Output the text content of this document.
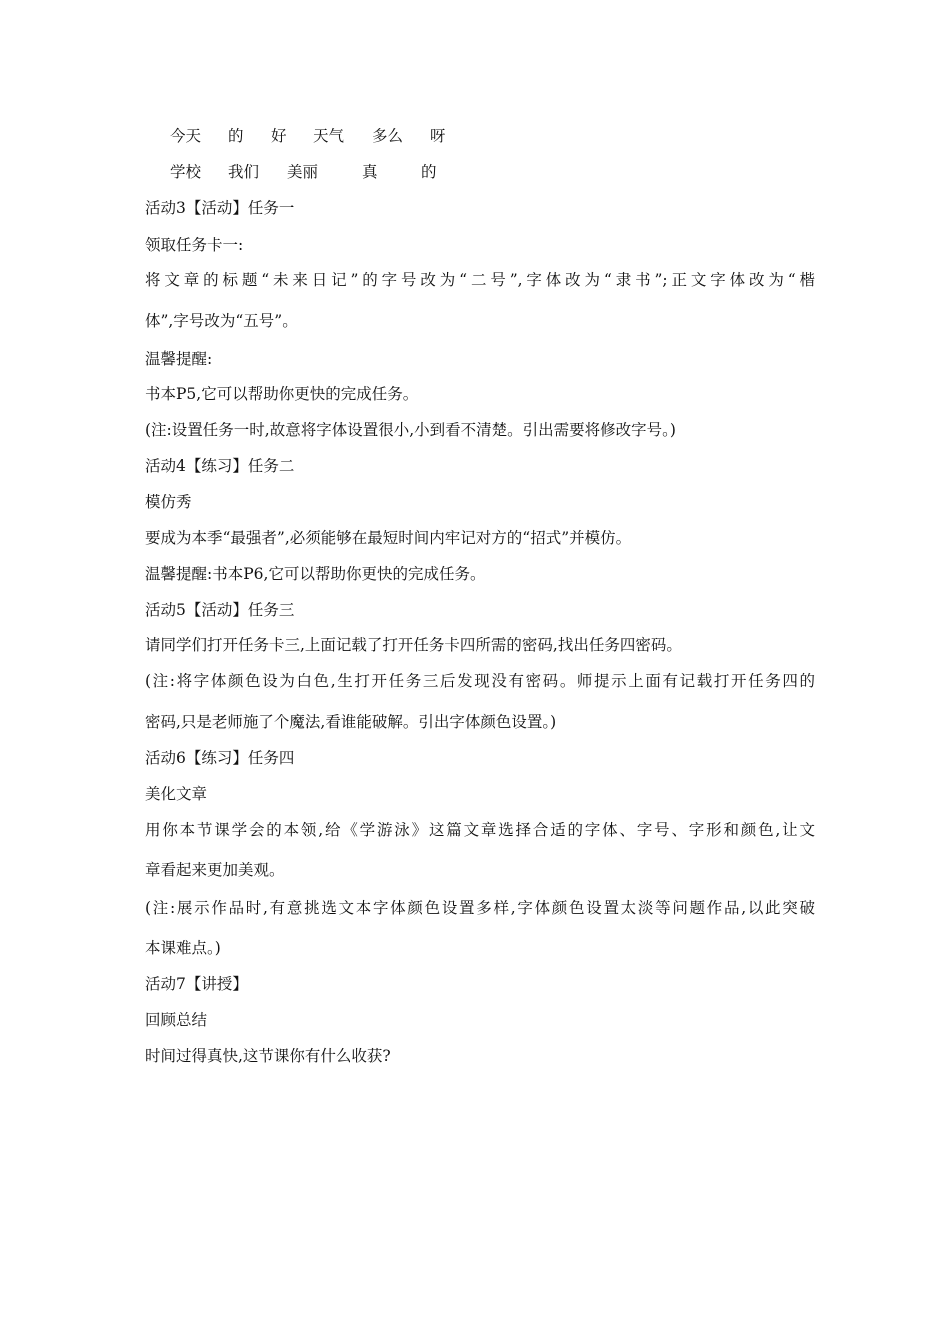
今天 的 好 天气 多么 呀
学校 我们 美丽	真	的
活动3【活动】任务一
领取任务卡一:
将文章的标题“未来日记”的字号改为“二号”,字体改为“隶书”;正文字体改为“楷
体”,字号改为“五号”。
温馨提醒:
书本P5,它可以帮助你更快的完成任务。
(注:设置任务一时,故意将字体设置很小,小到看不清楚。引出需要将修改字号。)
活动4【练习】任务二
模仿秀
要成为本季“最强者”,必须能够在最短时间内牢记对方的“招式”并模仿。
温馨提醒:书本P6,它可以帮助你更快的完成任务。
活动5【活动】任务三
请同学们打开任务卡三,上面记载了打开任务卡四所需的密码,找出任务四密码。
(注:将字体颜色设为白色,生打开任务三后发现没有密码。师提示上面有记载打开任务四的
密码,只是老师施了个魔法,看谁能破解。引出字体颜色设置。)
活动6【练习】任务四
美化文章
用你本节课学会的本领,给《学游泳》这篇文章选择合适的字体、字号、字形和颜色,让文
章看起来更加美观。
(注:展示作品时,有意挑选文本字体颜色设置多样,字体颜色设置太淡等问题作品,以此突破
本课难点。)
活动7【讲授】
回顾总结
时间过得真快,这节课你有什么收获?
